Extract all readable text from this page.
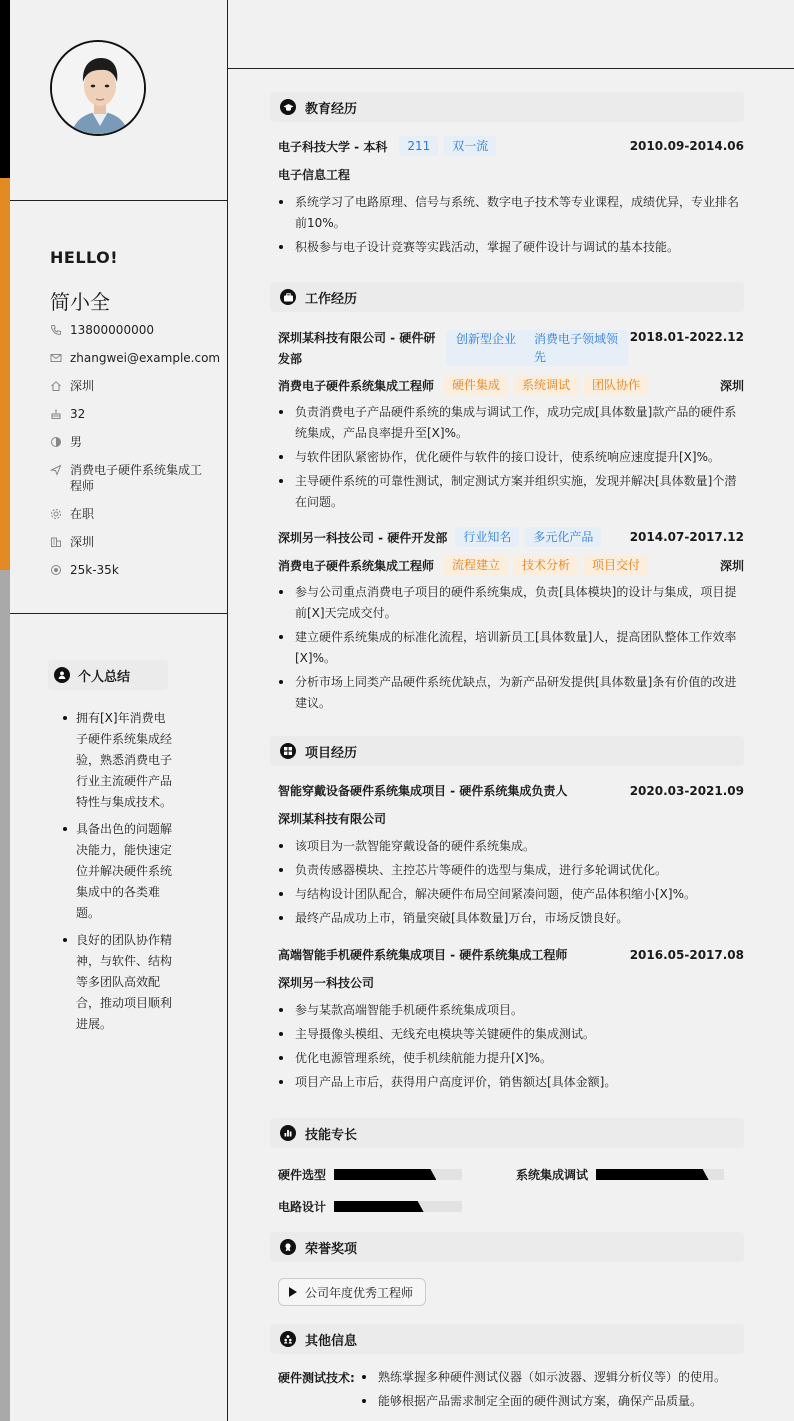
HELLO!
简小全
13800000000
zhangwei@example.com
深圳
32
男
消费电子硬件系统集成工程师
在职
深圳
25k-35k
个人总结
拥有[X]年消费电子硬件系统集成经验，熟悉消费电子行业主流硬件产品特性与集成技术。
具备出色的问题解决能力，能快速定位并解决硬件系统集成中的各类难题。
良好的团队协作精神，与软件、结构等多团队高效配合，推动项目顺利进展。
教育经历
电子科技大学 - 本科	211	双一流	2010.09-2014.06
电子信息工程
系统学习了电路原理、信号与系统、数字电子技术等专业课程，成绩优异，专业排名前10%。
积极参与电子设计竞赛等实践活动，掌握了硬件设计与调试的基本技能。
工作经历
深圳某科技有限公司 - 硬件研发部
创新型企业	消费电子领域领先
2018.01-2022.12
消费电子硬件系统集成工程师	硬件集成	系统调试	团队协作	深圳
负责消费电子产品硬件系统的集成与调试工作，成功完成[具体数量]款产品的硬件系统集成，产品良率提升至[X]%。
与软件团队紧密协作，优化硬件与软件的接口设计，使系统响应速度提升[X]%。
主导硬件系统的可靠性测试，制定测试方案并组织实施，发现并解决[具体数量]个潜在问题。
深圳另一科技公司 - 硬件开发部	行业知名	多元化产品	2014.07-2017.12
消费电子硬件系统集成工程师	流程建立	技术分析	项目交付	深圳
参与公司重点消费电子项目的硬件系统集成，负责[具体模块]的设计与集成，项目提前[X]天完成交付。
建立硬件系统集成的标准化流程，培训新员工[具体数量]人，提高团队整体工作效率[X]%。
分析市场上同类产品硬件系统优缺点，为新产品研发提供[具体数量]条有价值的改进建议。
项目经历
智能穿戴设备硬件系统集成项目 - 硬件系统集成负责人	2020.03-2021.09
深圳某科技有限公司
该项目为一款智能穿戴设备的硬件系统集成。
负责传感器模块、主控芯片等硬件的选型与集成，进行多轮调试优化。
与结构设计团队配合，解决硬件布局空间紧凑问题，使产品体积缩小[X]%。
最终产品成功上市，销量突破[具体数量]万台，市场反馈良好。
高端智能手机硬件系统集成项目 - 硬件系统集成工程师	2016.05-2017.08
深圳另一科技公司
参与某款高端智能手机硬件系统集成项目。
主导摄像头模组、无线充电模块等关键硬件的集成测试。
优化电源管理系统，使手机续航能力提升[X]%。
项目产品上市后，获得用户高度评价，销售额达[具体金额]。
技能专长
硬件选型	系统集成调试
电路设计
荣誉奖项
公司年度优秀工程师
其他信息
硬件测试技术:	熟练掌握多种硬件测试仪器（如示波器、逻辑分析仪等）的使用。
能够根据产品需求制定全面的硬件测试方案，确保产品质量。
